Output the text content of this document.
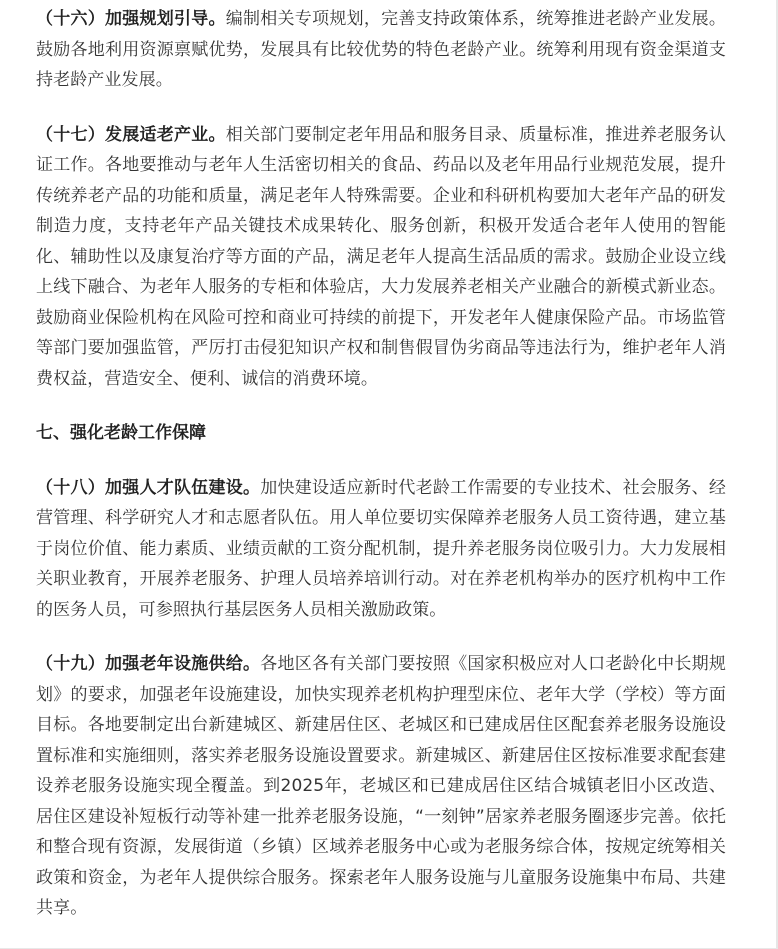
（十六）加强规划引导。编制相关专项规划，完善支持政策体系，统筹推进老龄产业发展。鼓励各地利用资源禀赋优势，发展具有比较优势的特色老龄产业。统筹利用现有资金渠道支持老龄产业发展。

（十七）发展适老产业。相关部门要制定老年用品和服务目录、质量标准，推进养老服务认证工作。各地要推动与老年人生活密切相关的食品、药品以及老年用品行业规范发展，提升传统养老产品的功能和质量，满足老年人特殊需要。企业和科研机构要加大老年产品的研发制造力度，支持老年产品关键技术成果转化、服务创新，积极开发适合老年人使用的智能化、辅助性以及康复治疗等方面的产品，满足老年人提高生活品质的需求。鼓励企业设立线上线下融合、为老年人服务的专柜和体验店，大力发展养老相关产业融合的新模式新业态。鼓励商业保险机构在风险可控和商业可持续的前提下，开发老年人健康保险产品。市场监管等部门要加强监管，严厉打击侵犯知识产权和制售假冒伪劣商品等违法行为，维护老年人消费权益，营造安全、便利、诚信的消费环境。

七、强化老龄工作保障

（十八）加强人才队伍建设。加快建设适应新时代老龄工作需要的专业技术、社会服务、经营管理、科学研究人才和志愿者队伍。用人单位要切实保障养老服务人员工资待遇，建立基于岗位价值、能力素质、业绩贡献的工资分配机制，提升养老服务岗位吸引力。大力发展相关职业教育，开展养老服务、护理人员培养培训行动。对在养老机构举办的医疗机构中工作的医务人员，可参照执行基层医务人员相关激励政策。

（十九）加强老年设施供给。各地区各有关部门要按照《国家积极应对人口老龄化中长期规划》的要求，加强老年设施建设，加快实现养老机构护理型床位、老年大学（学校）等方面目标。各地要制定出台新建城区、新建居住区、老城区和已建成居住区配套养老服务设施设置标准和实施细则，落实养老服务设施设置要求。新建城区、新建居住区按标准要求配套建设养老服务设施实现全覆盖。到2025年，老城区和已建成居住区结合城镇老旧小区改造、居住区建设补短板行动等补建一批养老服务设施，“一刻钟”居家养老服务圈逐步完善。依托和整合现有资源，发展街道（乡镇）区域养老服务中心或为老服务综合体，按规定统筹相关政策和资金，为老年人提供综合服务。探索老年人服务设施与儿童服务设施集中布局、共建共享。
